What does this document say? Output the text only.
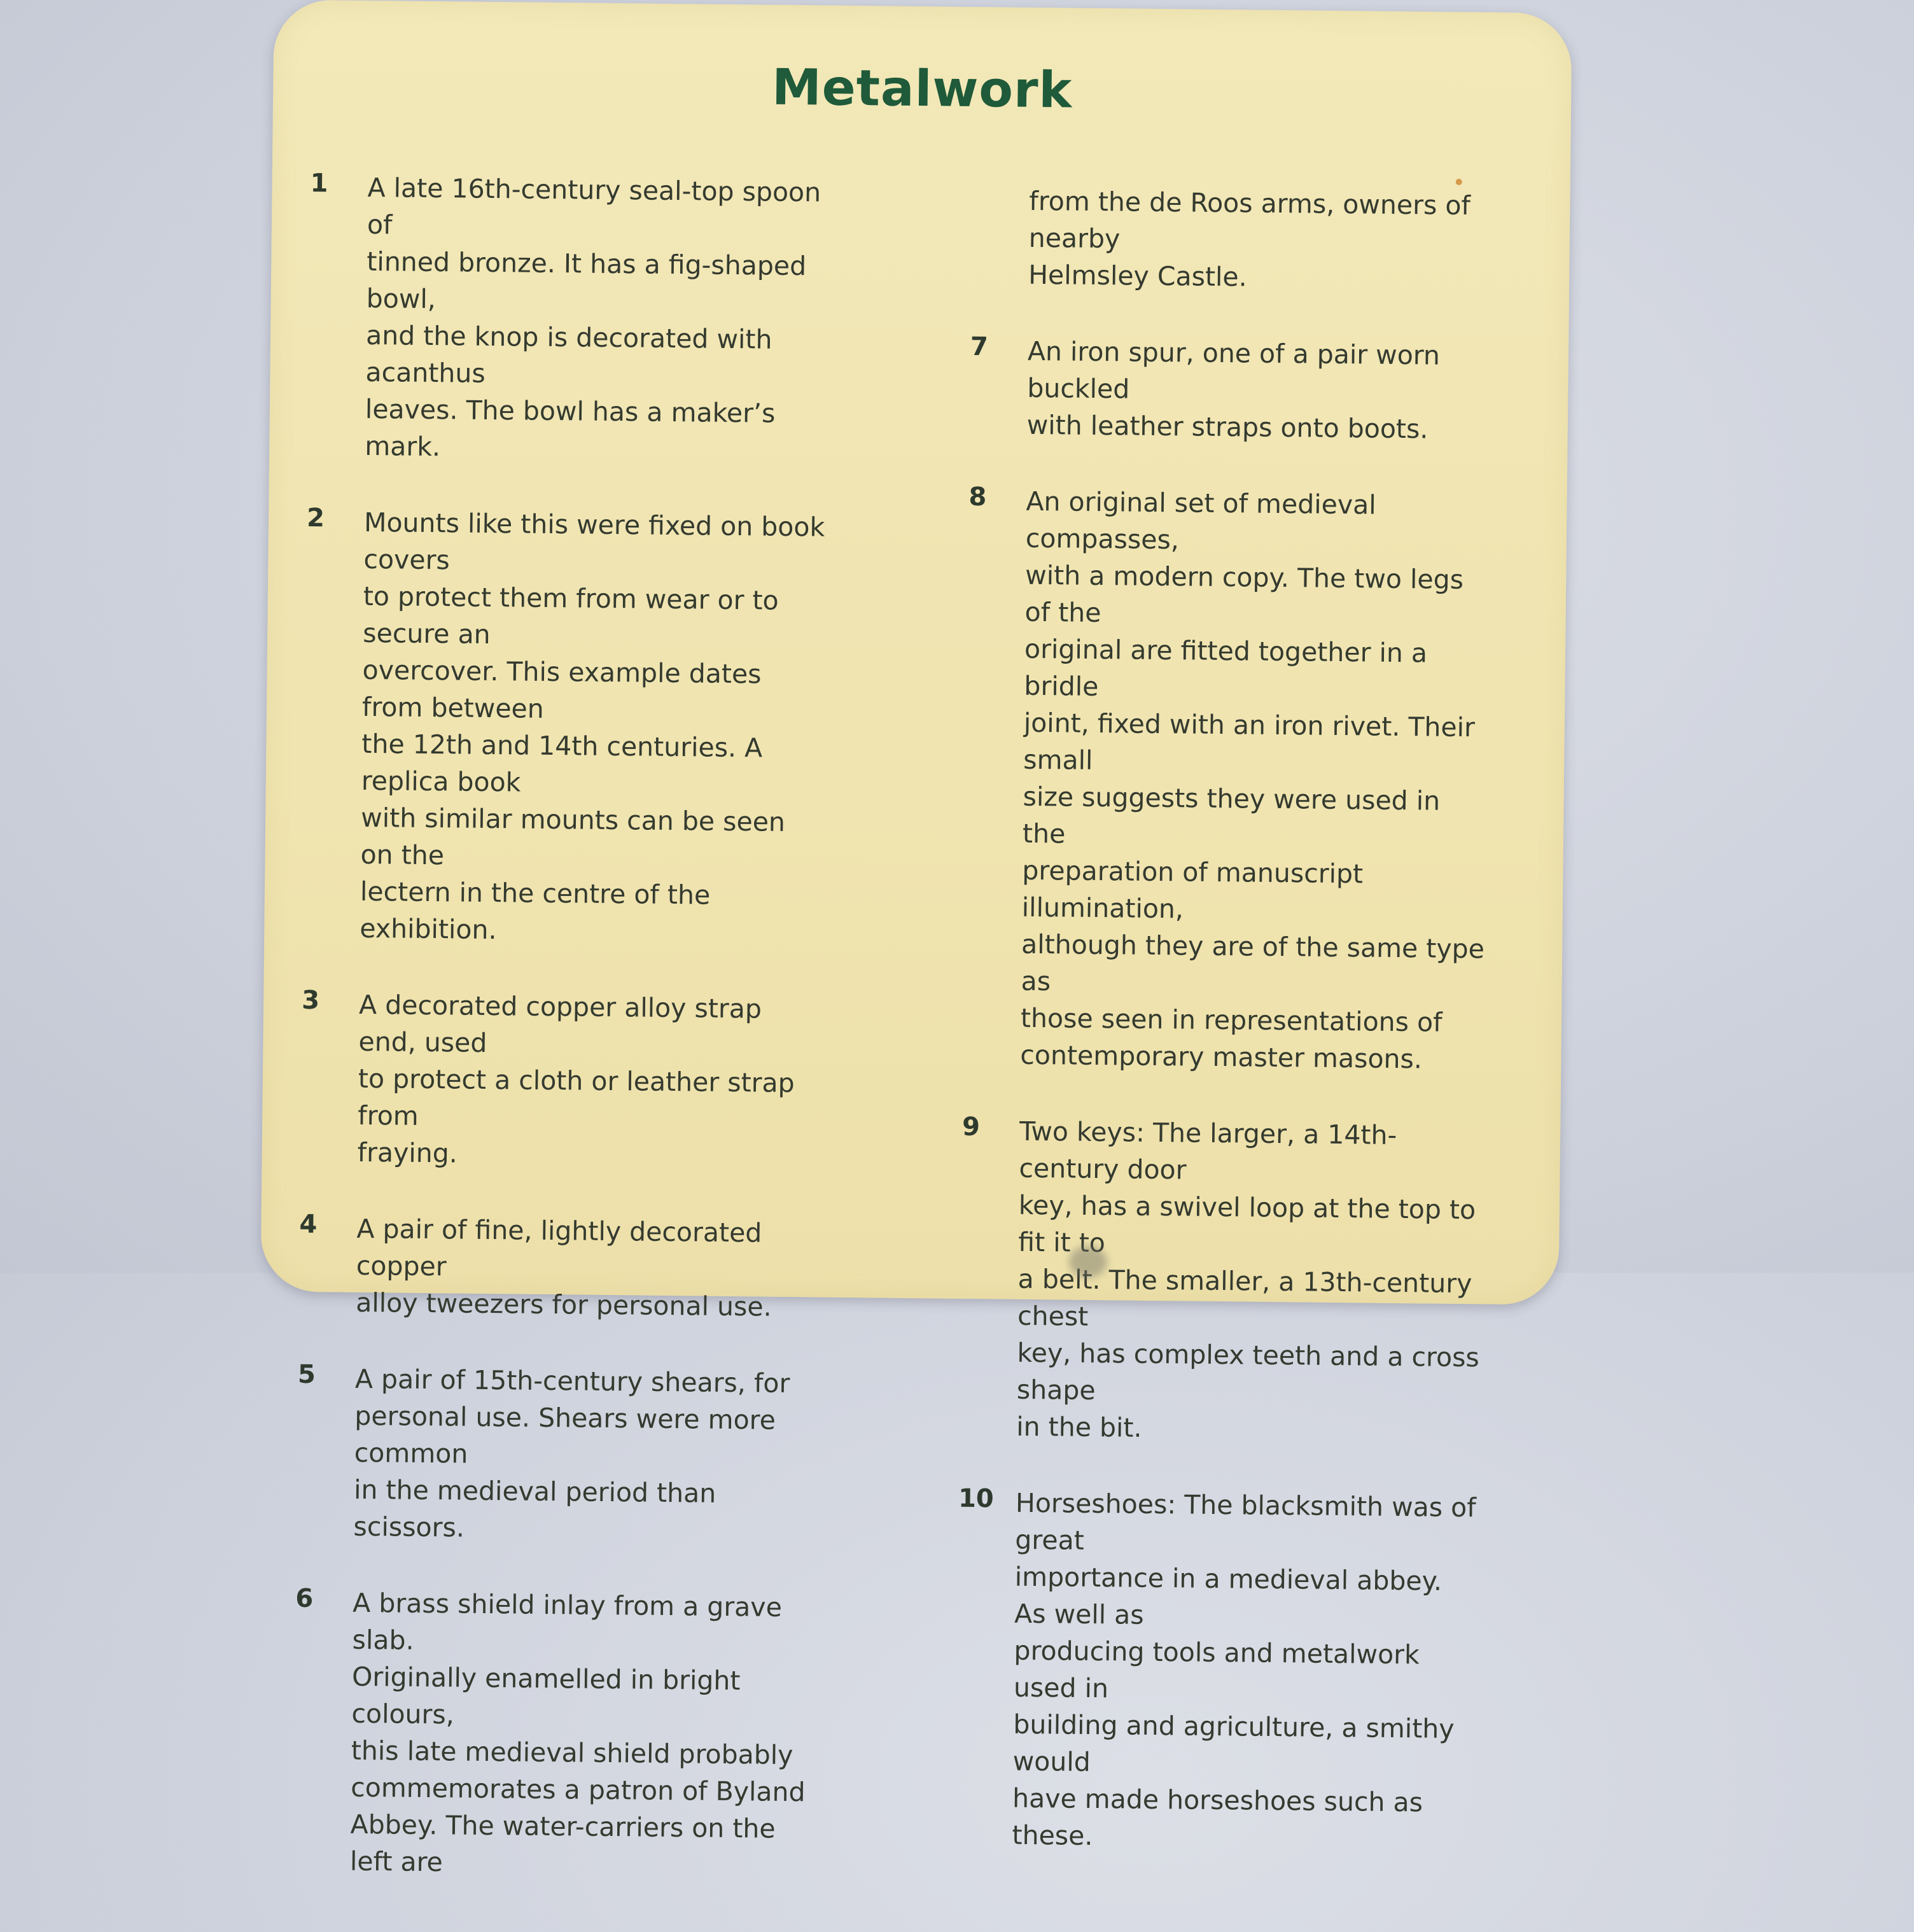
Metalwork
1	A late 16th-century seal-top spoon of
tinned bronze. It has a fig-shaped bowl,
and the knop is decorated with acanthus
leaves. The bowl has a maker’s mark.
2	Mounts like this were fixed on book covers
to protect them from wear or to secure an
overcover. This example dates from between
the 12th and 14th centuries. A replica book
with similar mounts can be seen on the
lectern in the centre of the exhibition.
3	A decorated copper alloy strap end, used
to protect a cloth or leather strap from
fraying.
4	A pair of fine, lightly decorated copper
alloy tweezers for personal use.
5	A pair of 15th-century shears, for
personal use. Shears were more common
in the medieval period than scissors.
6	A brass shield inlay from a grave slab.
Originally enamelled in bright colours,
this late medieval shield probably
commemorates a patron of Byland
Abbey. The water-carriers on the left are
from the de Roos arms, owners of nearby
Helmsley Castle.
7	An iron spur, one of a pair worn buckled
with leather straps onto boots.
8	An original set of medieval compasses,
with a modern copy. The two legs of the
original are fitted together in a bridle
joint, fixed with an iron rivet. Their small
size suggests they were used in the
preparation of manuscript illumination,
although they are of the same type as
those seen in representations of
contemporary master masons.
9	Two keys: The larger, a 14th-century door
key, has a swivel loop at the top to fit it to
a belt. The smaller, a 13th-century chest
key, has complex teeth and a cross shape
in the bit.
10 Horseshoes: The blacksmith was of great
importance in a medieval abbey. As well as
producing tools and metalwork used in
building and agriculture, a smithy would
have made horseshoes such as these.
